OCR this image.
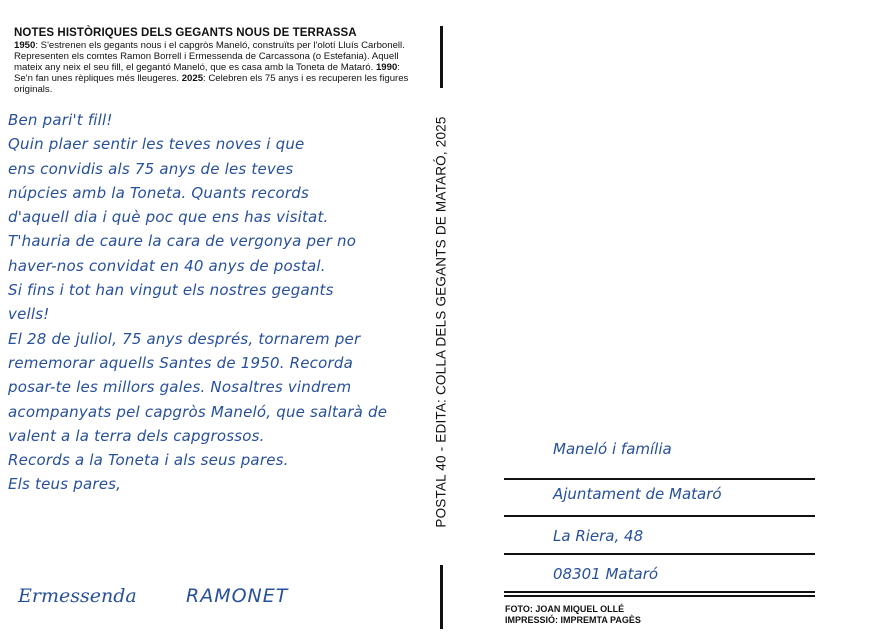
NOTES HISTÒRIQUES DELS GEGANTS NOUS DE TERRASSA
1950: S'estrenen els gegants nous i el capgròs Maneló, construïts per l'olotí Lluís Carbonell. Representen els comtes Ramon Borrell i Ermessenda de Carcassona (o Estefania). Aquell mateix any neix el seu fill, el gegantó Maneló, que es casa amb la Toneta de Mataró. 1990: Se'n fan unes rèpliques més lleugeres. 2025: Celebren els 75 anys i es recuperen les figures originals.
Ben pari't fill!
Quin plaer sentir les teves noves i que
ens convidis als 75 anys de les teves
núpcies amb la Toneta. Quants records
d'aquell dia i què poc que ens has visitat.
T'hauria de caure la cara de vergonya per no
haver-nos convidat en 40 anys de postal.
Si fins i tot han vingut els nostres gegants
vells!
El 28 de juliol, 75 anys després, tornarem per
rememorar aquells Santes de 1950. Recorda
posar-te les millors gales. Nosaltres vindrem
acompanyats pel capgròs Maneló, que saltarà de
valent a la terra dels capgrossos.
Records a la Toneta i als seus pares.
Els teus pares,
Ermessenda	RAMONET
POSTAL 40 - EDITA: COLLA DELS GEGANTS DE MATARÓ, 2025	Maneló i família
Ajuntament de Mataró
La Riera, 48
08301 Mataró
FOTO: JOAN MIQUEL OLLÉ
IMPRESSIÓ: IMPREMTA PAGÈS
